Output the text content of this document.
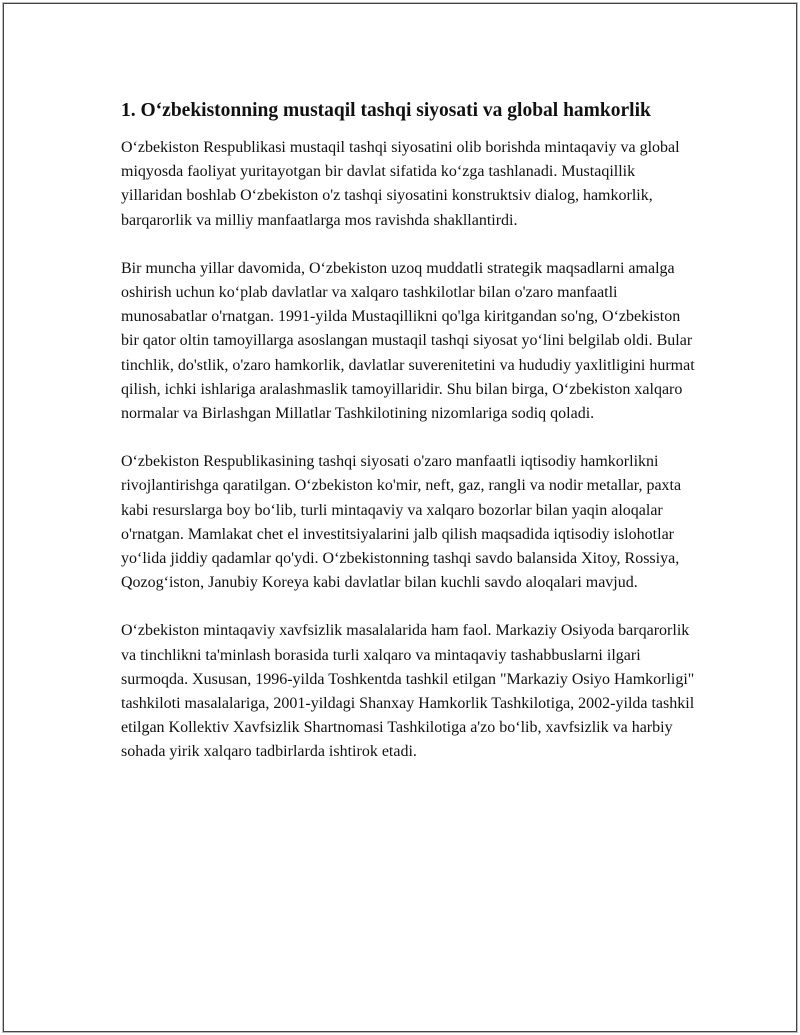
1. O‘zbekistonning mustaqil tashqi siyosati va global hamkorlik

O‘zbekiston Respublikasi mustaqil tashqi siyosatini olib borishda mintaqaviy va global miqyosda faoliyat yuritayotgan bir davlat sifatida ko‘zga tashlanadi. Mustaqillik yillaridan boshlab O‘zbekiston o'z tashqi siyosatini konstruktsiv dialog, hamkorlik, barqarorlik va milliy manfaatlarga mos ravishda shakllantirdi.

Bir muncha yillar davomida, O‘zbekiston uzoq muddatli strategik maqsadlarni amalga oshirish uchun ko‘plab davlatlar va xalqaro tashkilotlar bilan o'zaro manfaatli munosabatlar o'rnatgan. 1991-yilda Mustaqillikni qo'lga kiritgandan so'ng, O‘zbekiston bir qator oltin tamoyillarga asoslangan mustaqil tashqi siyosat yo‘lini belgilab oldi. Bular tinchlik, do'stlik, o'zaro hamkorlik, davlatlar suverenitetini va hududiy yaxlitligini hurmat qilish, ichki ishlariga aralashmaslik tamoyillaridir. Shu bilan birga, O‘zbekiston xalqaro normalar va Birlashgan Millatlar Tashkilotining nizomlariga sodiq qoladi.

O‘zbekiston Respublikasining tashqi siyosati o'zaro manfaatli iqtisodiy hamkorlikni rivojlantirishga qaratilgan. O‘zbekiston ko'mir, neft, gaz, rangli va nodir metallar, paxta kabi resurslarga boy bo‘lib, turli mintaqaviy va xalqaro bozorlar bilan yaqin aloqalar o'rnatgan. Mamlakat chet el investitsiyalarini jalb qilish maqsadida iqtisodiy islohotlar yo‘lida jiddiy qadamlar qo'ydi. O‘zbekistonning tashqi savdo balansida Xitoy, Rossiya, Qozog‘iston, Janubiy Koreya kabi davlatlar bilan kuchli savdo aloqalari mavjud.

O‘zbekiston mintaqaviy xavfsizlik masalalarida ham faol. Markaziy Osiyoda barqarorlik va tinchlikni ta'minlash borasida turli xalqaro va mintaqaviy tashabbuslarni ilgari surmoqda. Xususan, 1996-yilda Toshkentda tashkil etilgan "Markaziy Osiyo Hamkorligi" tashkiloti masalalariga, 2001-yildagi Shanxay Hamkorlik Tashkilotiga, 2002-yilda tashkil etilgan Kollektiv Xavfsizlik Shartnomasi Tashkilotiga a'zo bo‘lib, xavfsizlik va harbiy sohada yirik xalqaro tadbirlarda ishtirok etadi.
